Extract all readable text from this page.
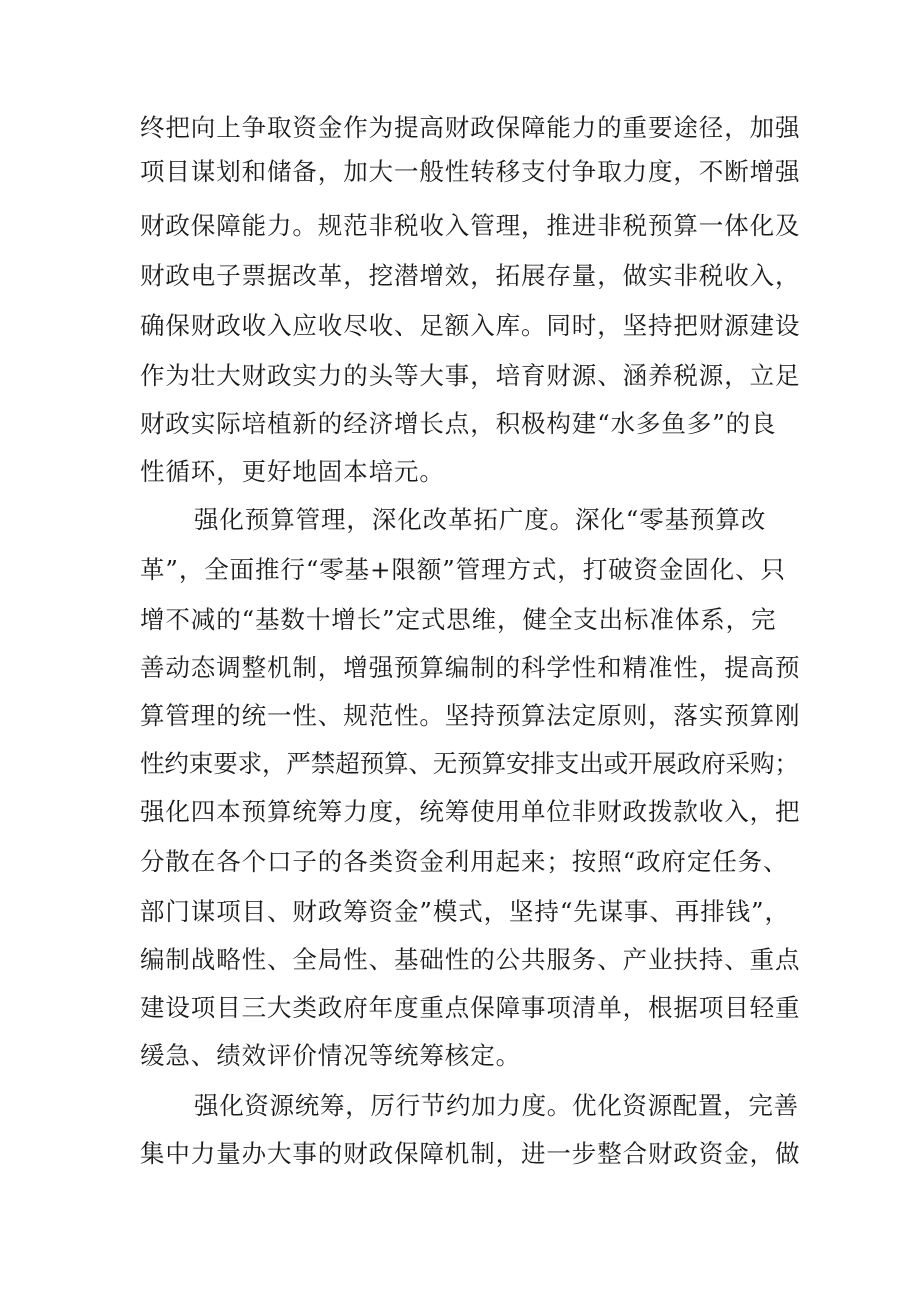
终把向上争取资金作为提高财政保障能力的重要途径，加强

项目谋划和储备，加大一般性转移支付争取力度，不断增强

财政保障能力。规范非税收入管理，推进非税预算一体化及

财政电子票据改革，挖潜增效，拓展存量，做实非税收入，

确保财政收入应收尽收、足额入库。同时，坚持把财源建设

作为壮大财政实力的头等大事，培育财源、涵养税源，立足

财政实际培植新的经济增长点，积极构建“水多鱼多”的良

性循环，更好地固本培元。

强化预算管理，深化改革拓广度。深化“零基预算改

革”，全面推行“零基+限额”管理方式，打破资金固化、只

增不减的“基数十增长”定式思维，健全支出标准体系，完

善动态调整机制，增强预算编制的科学性和精准性，提高预

算管理的统一性、规范性。坚持预算法定原则，落实预算刚

性约束要求，严禁超预算、无预算安排支出或开展政府采购；

强化四本预算统筹力度，统筹使用单位非财政拨款收入，把

分散在各个口子的各类资金利用起来；按照“政府定任务、

部门谋项目、财政筹资金”模式，坚持“先谋事、再排钱”，

编制战略性、全局性、基础性的公共服务、产业扶持、重点

建设项目三大类政府年度重点保障事项清单，根据项目轻重

缓急、绩效评价情况等统筹核定。

强化资源统筹，厉行节约加力度。优化资源配置，完善

集中力量办大事的财政保障机制，进一步整合财政资金，做
